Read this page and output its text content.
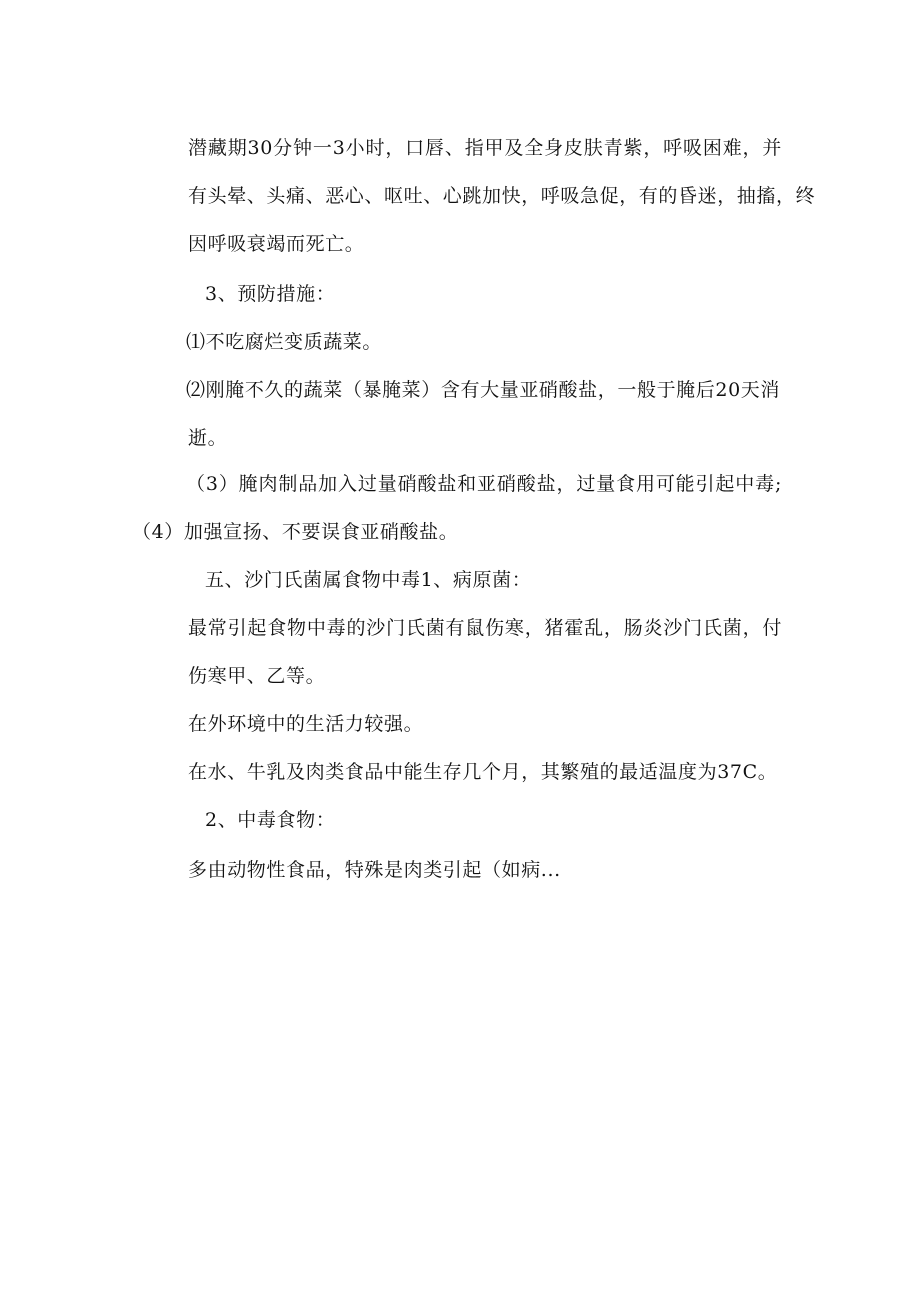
潜藏期30分钟一3小时，口唇、指甲及全身皮肤青紫，呼吸困难，并
有头晕、头痛、恶心、呕吐、心跳加快，呼吸急促，有的昏迷，抽搐，终
因呼吸衰竭而死亡。
3、预防措施：
⑴不吃腐烂变质蔬菜。
⑵刚腌不久的蔬菜（暴腌菜）含有大量亚硝酸盐，一般于腌后20天消
逝。
（3）腌肉制品加入过量硝酸盐和亚硝酸盐，过量食用可能引起中毒;
（4）加强宣扬、不要误食亚硝酸盐。
五、沙门氏菌属食物中毒1、病原菌：
最常引起食物中毒的沙门氏菌有鼠伤寒，猪霍乱，肠炎沙门氏菌，付
伤寒甲、乙等。
在外环境中的生活力较强。
在水、牛乳及肉类食品中能生存几个月，其繁殖的最适温度为37C。
2、中毒食物：
多由动物性食品，特殊是肉类引起（如病...
